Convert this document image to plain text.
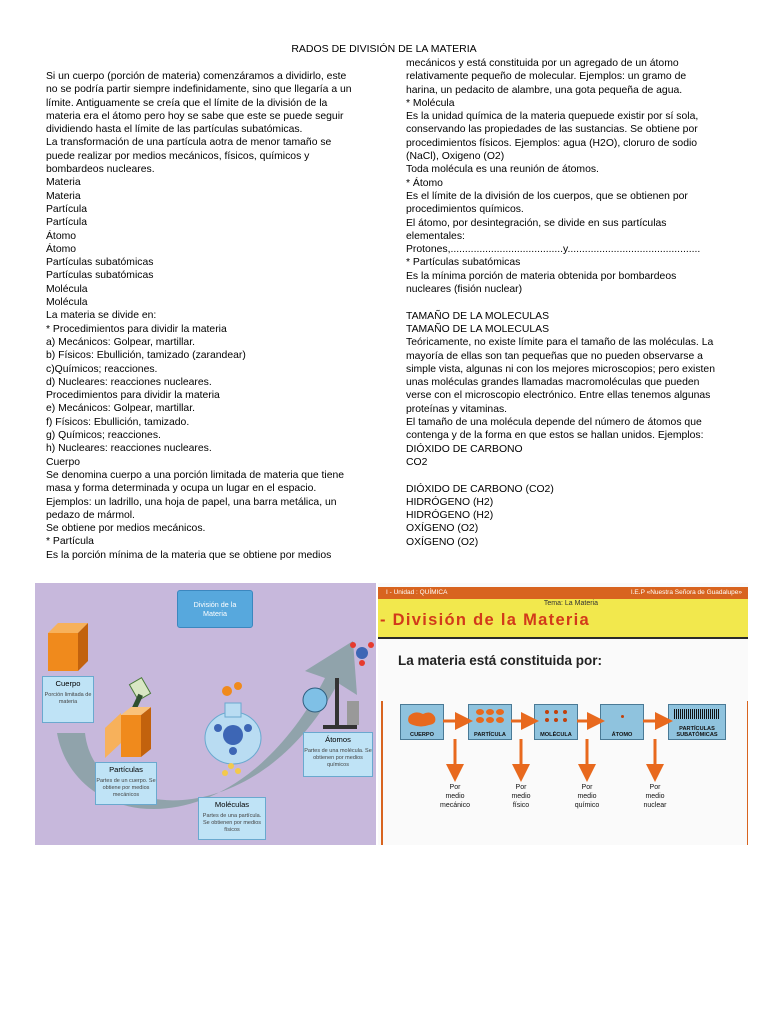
RADOS DE DIVISIÓN DE LA MATERIA
Si un cuerpo (porción de materia) comenzáramos a dividirlo, este
no se podría partir siempre indefinidamente, sino que llegaría a un
límite. Antiguamente se creía que el límite de la división de la
materia era el átomo pero hoy se sabe que este se puede seguir
dividiendo hasta el límite de las partículas subatómicas.
La transformación de una partícula aotra de menor tamaño se
puede realizar por medios mecánicos, físicos, químicos y
bombardeos nucleares.
Materia
Materia
Partícula
Partícula
Átomo
Átomo
Partículas subatómicas
Partículas subatómicas
Molécula
Molécula
La materia se divide en:
* Procedimientos para dividir la materia
a) Mecánicos: Golpear, martillar.
b) Físicos: Ebullición, tamizado (zarandear)
c)Químicos; reacciones.
d) Nucleares: reacciones nucleares.
Procedimientos para dividir la materia
e) Mecánicos: Golpear, martillar.
f) Físicos: Ebullición, tamizado.
g) Químicos; reacciones.
h) Nucleares: reacciones nucleares.
Cuerpo
Se denomina cuerpo a una porción limitada de materia que tiene
masa y forma determinada y ocupa un lugar en el espacio.
Ejemplos: un ladrillo, una hoja de papel, una barra metálica, un
pedazo de mármol.
Se obtiene por medios mecánicos.
* Partícula
Es la porción mínima de la materia que se obtiene por medios
mecánicos y está constituida por un agregado de un átomo
relativamente pequeño de molecular. Ejemplos: un gramo de
harina, un pedacito de alambre, una gota pequeña de agua.
* Molécula
Es la unidad química de la materia quepuede existir por sí sola,
conservando las propiedades de las sustancias. Se obtiene por
procedimientos físicos. Ejemplos: agua (H2O), cloruro de sodio
(NaCl), Oxigeno (O2)
Toda molécula es una reunión de átomos.
* Átomo
Es el límite de la división de los cuerpos, que se obtienen por
procedimientos químicos.
El átomo, por desintegración, se divide en sus partículas
elementales:
Protones,.......................................y..............................................
* Partículas subatómicas
Es la mínima porción de materia obtenida por bombardeos
nucleares (fisión nuclear)
TAMAÑO DE LA MOLECULAS
TAMAÑO DE LA MOLECULAS
Teóricamente, no existe límite para el tamaño de las moléculas. La
mayoría de ellas son tan pequeñas que no pueden observarse a
simple vista, algunas ni con los mejores microscopios; pero existen
unas moléculas grandes llamadas macromoléculas que pueden
verse con el microscopio electrónico. Entre ellas tenemos algunas
proteínas y vitaminas.
El tamaño de una molécula depende del número de átomos que
contenga y de la forma en que estos se hallan unidos. Ejemplos:
DIÓXIDO DE CARBONO
CO2
DIÓXIDO DE CARBONO (CO2)
HIDRÓGENO (H2)
HIDRÓGENO (H2)
OXÍGENO (O2)
OXÍGENO (O2)
División de la
Materia
Cuerpo
Porción limitada de materia
Partículas
Partes de un cuerpo. Se obtiene por medios mecánicos
Moléculas
Partes de una partícula. Se obtienen por medios físicos
Átomos
Partes de una molécula. Se obtienen por medios químicos
I - Unidad : QUÍMICA	I.E.P «Nuestra Señora de Guadalupe»
Tema: La Materia
- División de la Materia
La materia está constituida por:
CUERPO	PARTÍCULA	MOLÉCULA	ÁTOMO
PARTÍCULAS SUBATÓMICAS
Por
medio
mecánico
Por
medio
físico
Por
medio
químico
Por
medio
nuclear
